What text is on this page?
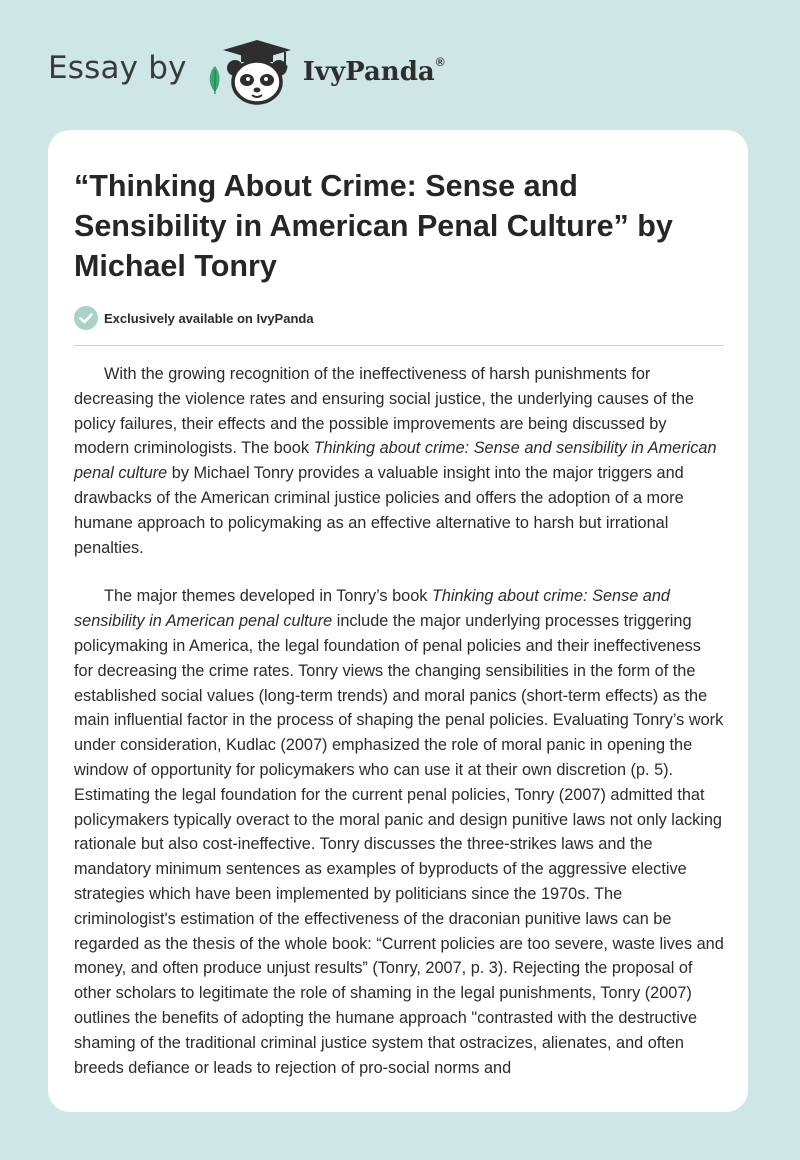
Essay by	IvyPanda®
“Thinking About Crime: Sense and Sensibility in American Penal Culture” by Michael Tonry
Exclusively available on IvyPanda

With the growing recognition of the ineffectiveness of harsh punishments for decreasing the violence rates and ensuring social justice, the underlying causes of the policy failures, their effects and the possible improvements are being discussed by modern criminologists. The book Thinking about crime: Sense and sensibility in American penal culture by Michael Tonry provides a valuable insight into the major triggers and drawbacks of the American criminal justice policies and offers the adoption of a more humane approach to policymaking as an effective alternative to harsh but irrational penalties.

The major themes developed in Tonry’s book Thinking about crime: Sense and sensibility in American penal culture include the major underlying processes triggering policymaking in America, the legal foundation of penal policies and their ineffectiveness for decreasing the crime rates. Tonry views the changing sensibilities in the form of the established social values (long-term trends) and moral panics (short-term effects) as the main influential factor in the process of shaping the penal policies. Evaluating Tonry’s work under consideration, Kudlac (2007) emphasized the role of moral panic in opening the window of opportunity for policymakers who can use it at their own discretion (p. 5). Estimating the legal foundation for the current penal policies, Tonry (2007) admitted that policymakers typically overact to the moral panic and design punitive laws not only lacking rationale but also cost-ineffective. Tonry discusses the three-strikes laws and the mandatory minimum sentences as examples of byproducts of the aggressive elective strategies which have been implemented by politicians since the 1970s. The criminologist's estimation of the effectiveness of the draconian punitive laws can be regarded as the thesis of the whole book: “Current policies are too severe, waste lives and money, and often produce unjust results” (Tonry, 2007, p. 3). Rejecting the proposal of other scholars to legitimate the role of shaming in the legal punishments, Tonry (2007) outlines the benefits of adopting the humane approach "contrasted with the destructive shaming of the traditional criminal justice system that ostracizes, alienates, and often breeds defiance or leads to rejection of pro-social norms and
